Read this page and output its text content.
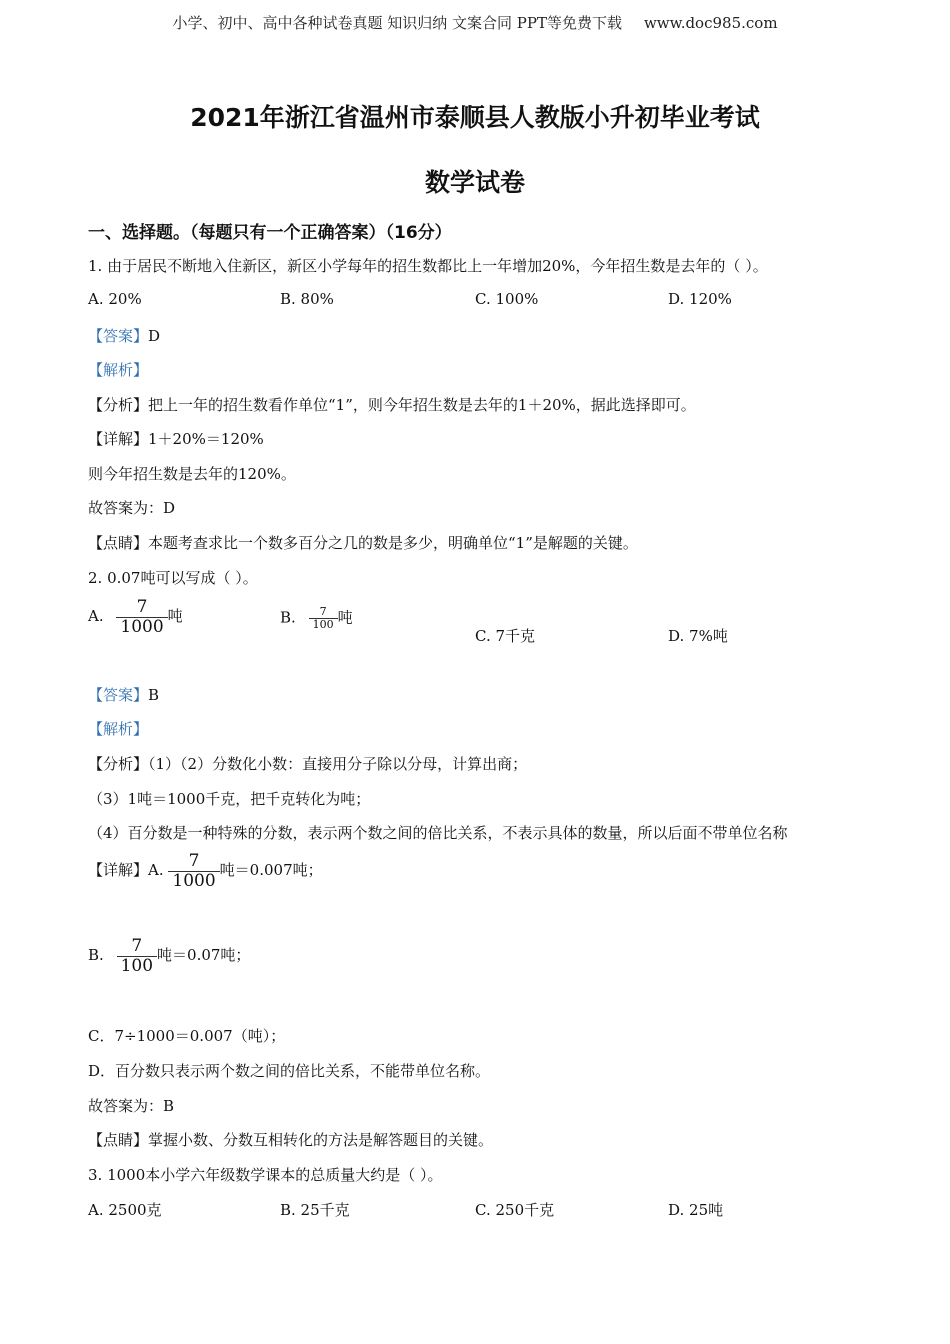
小学、初中、高中各种试卷真题 知识归纳 文案合同 PPT等免费下载 www.doc985.com
2021年浙江省温州市泰顺县人教版小升初毕业考试
数学试卷
一、选择题。（每题只有一个正确答案）（16分）
1. 由于居民不断地入住新区，新区小学每年的招生数都比上一年增加20%，今年招生数是去年的（ ）。
A. 20%	B. 80%	C. 100%	D. 120%
【答案】D
【解析】
【分析】把上一年的招生数看作单位“1”，则今年招生数是去年的1＋20%，据此选择即可。
【详解】1＋20%＝120%
则今年招生数是去年的120%。
故答案为：D
【点睛】本题考查求比一个数多百分之几的数是多少，明确单位“1”是解题的关键。
2. 0.07吨可以写成（ ）。
A. $\frac{7}{1000}$ 吨	B. $\frac{7}{100}$ 吨
C. 7千克	D. 7%吨
【答案】B
【解析】
【分析】（1）（2）分数化小数：直接用分子除以分母，计算出商；
（3）1吨＝1000千克，把千克转化为吨；
（4）百分数是一种特殊的分数，表示两个数之间的倍比关系，不表示具体的数量，所以后面不带单位名称
【详解】A. $\frac{7}{1000}$ 吨＝0.007吨；
B. $\frac{7}{100}$ 吨＝0.07吨；
C．7÷1000＝0.007（吨）；
D．百分数只表示两个数之间的倍比关系，不能带单位名称。
故答案为：B
【点睛】掌握小数、分数互相转化的方法是解答题目的关键。
3. 1000本小学六年级数学课本的总质量大约是（ ）。
A. 2500克	B. 25千克	C. 250千克	D. 25吨
